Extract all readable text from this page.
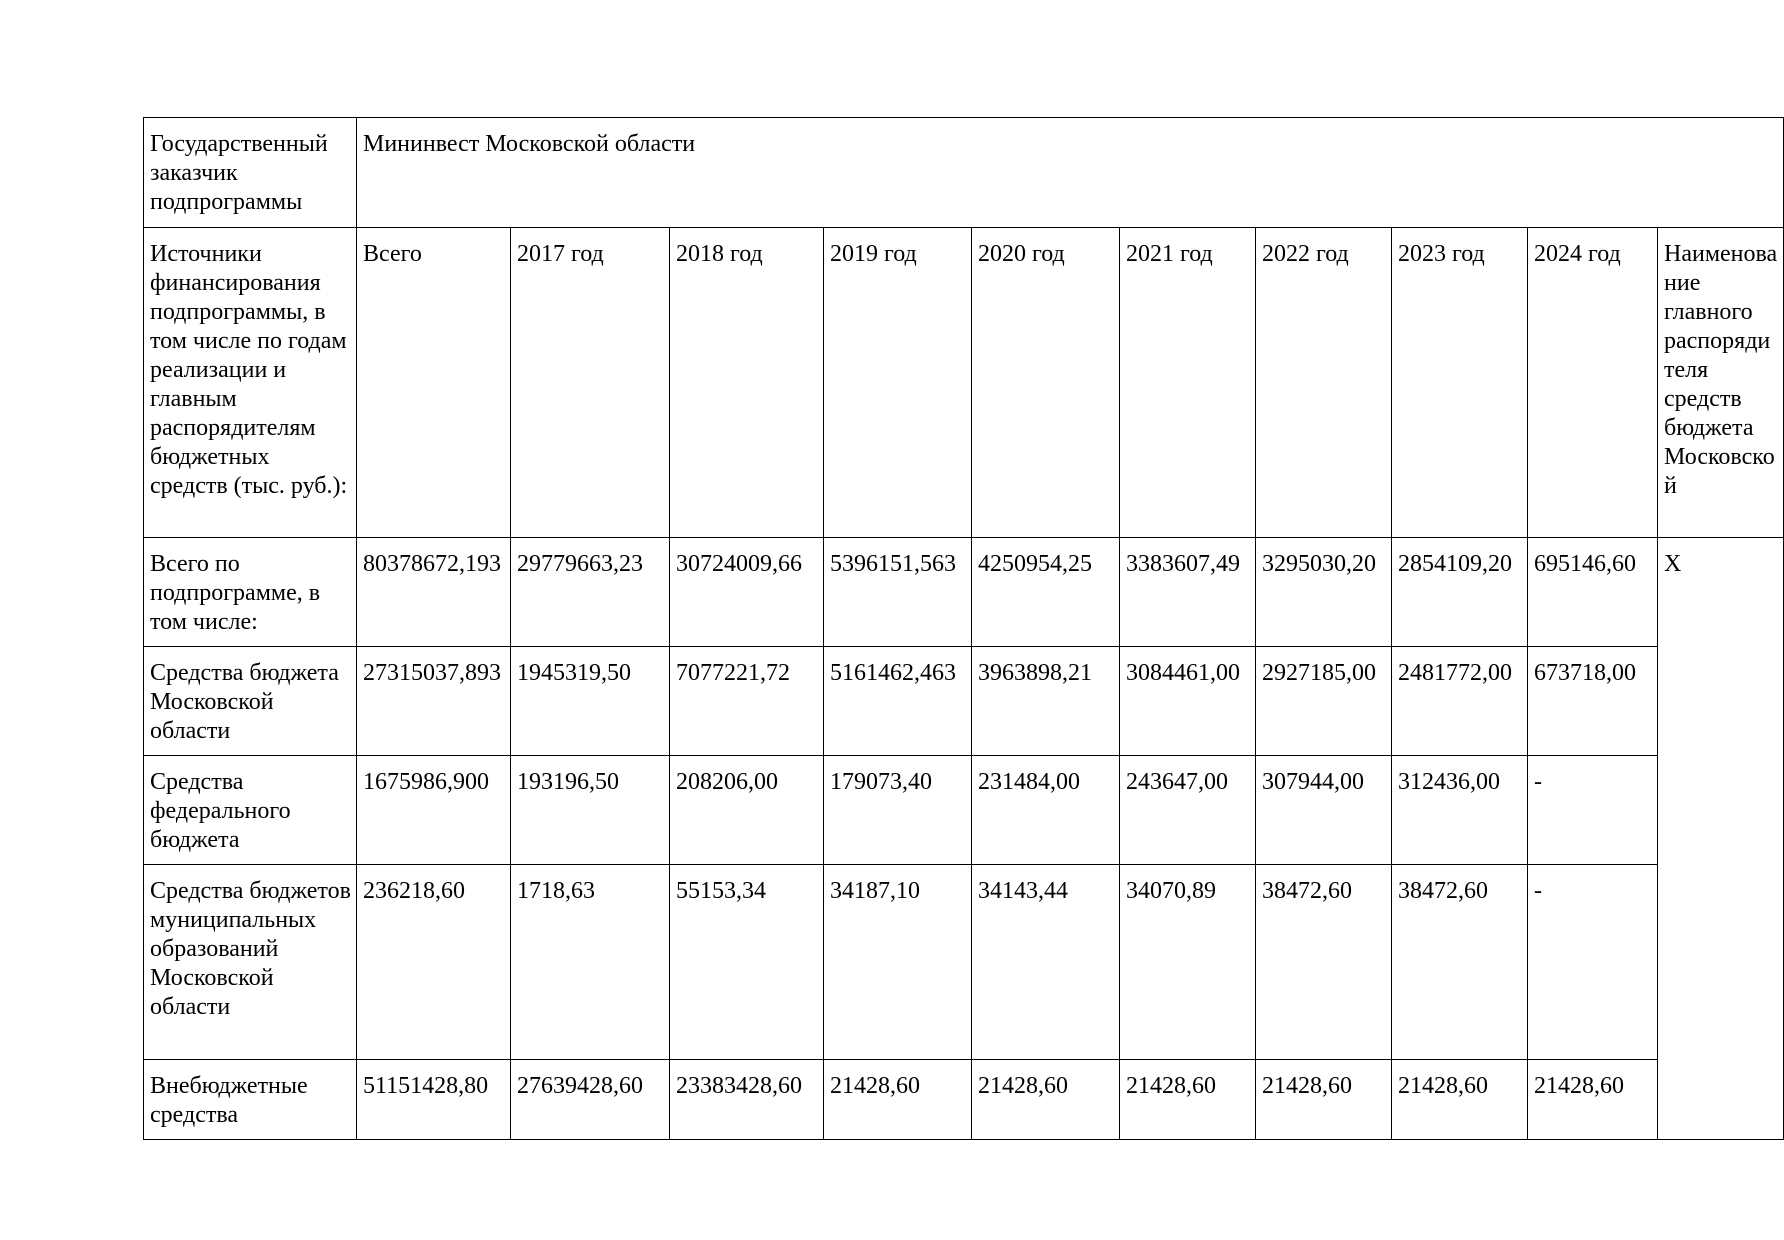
Государственный заказчик подпрограммы	Мининвест Московской области									
Источники финансирования подпрограммы, в том числе по годам реализации и главным распорядителям бюджетных средств (тыс. руб.):	Всего	2017 год	2018 год	2019 год	2020 год	2021 год	2022 год	2023 год	2024 год	Наименование главного распорядителя средств бюджета Московской
Всего по подпрограмме, в том числе:	80378672,193	29779663,23	30724009,66	5396151,563	4250954,25	3383607,49	3295030,20	2854109,20	695146,60	X
Средства бюджета Московской области	27315037,893	1945319,50	7077221,72	5161462,463	3963898,21	3084461,00	2927185,00	2481772,00	673718,00	
Средства федерального бюджета	1675986,900	193196,50	208206,00	179073,40	231484,00	243647,00	307944,00	312436,00	-	
Средства бюджетов муниципальных образований Московской области	236218,60	1718,63	55153,34	34187,10	34143,44	34070,89	38472,60	38472,60	-	
Внебюджетные средства	51151428,80	27639428,60	23383428,60	21428,60	21428,60	21428,60	21428,60	21428,60	21428,60	
